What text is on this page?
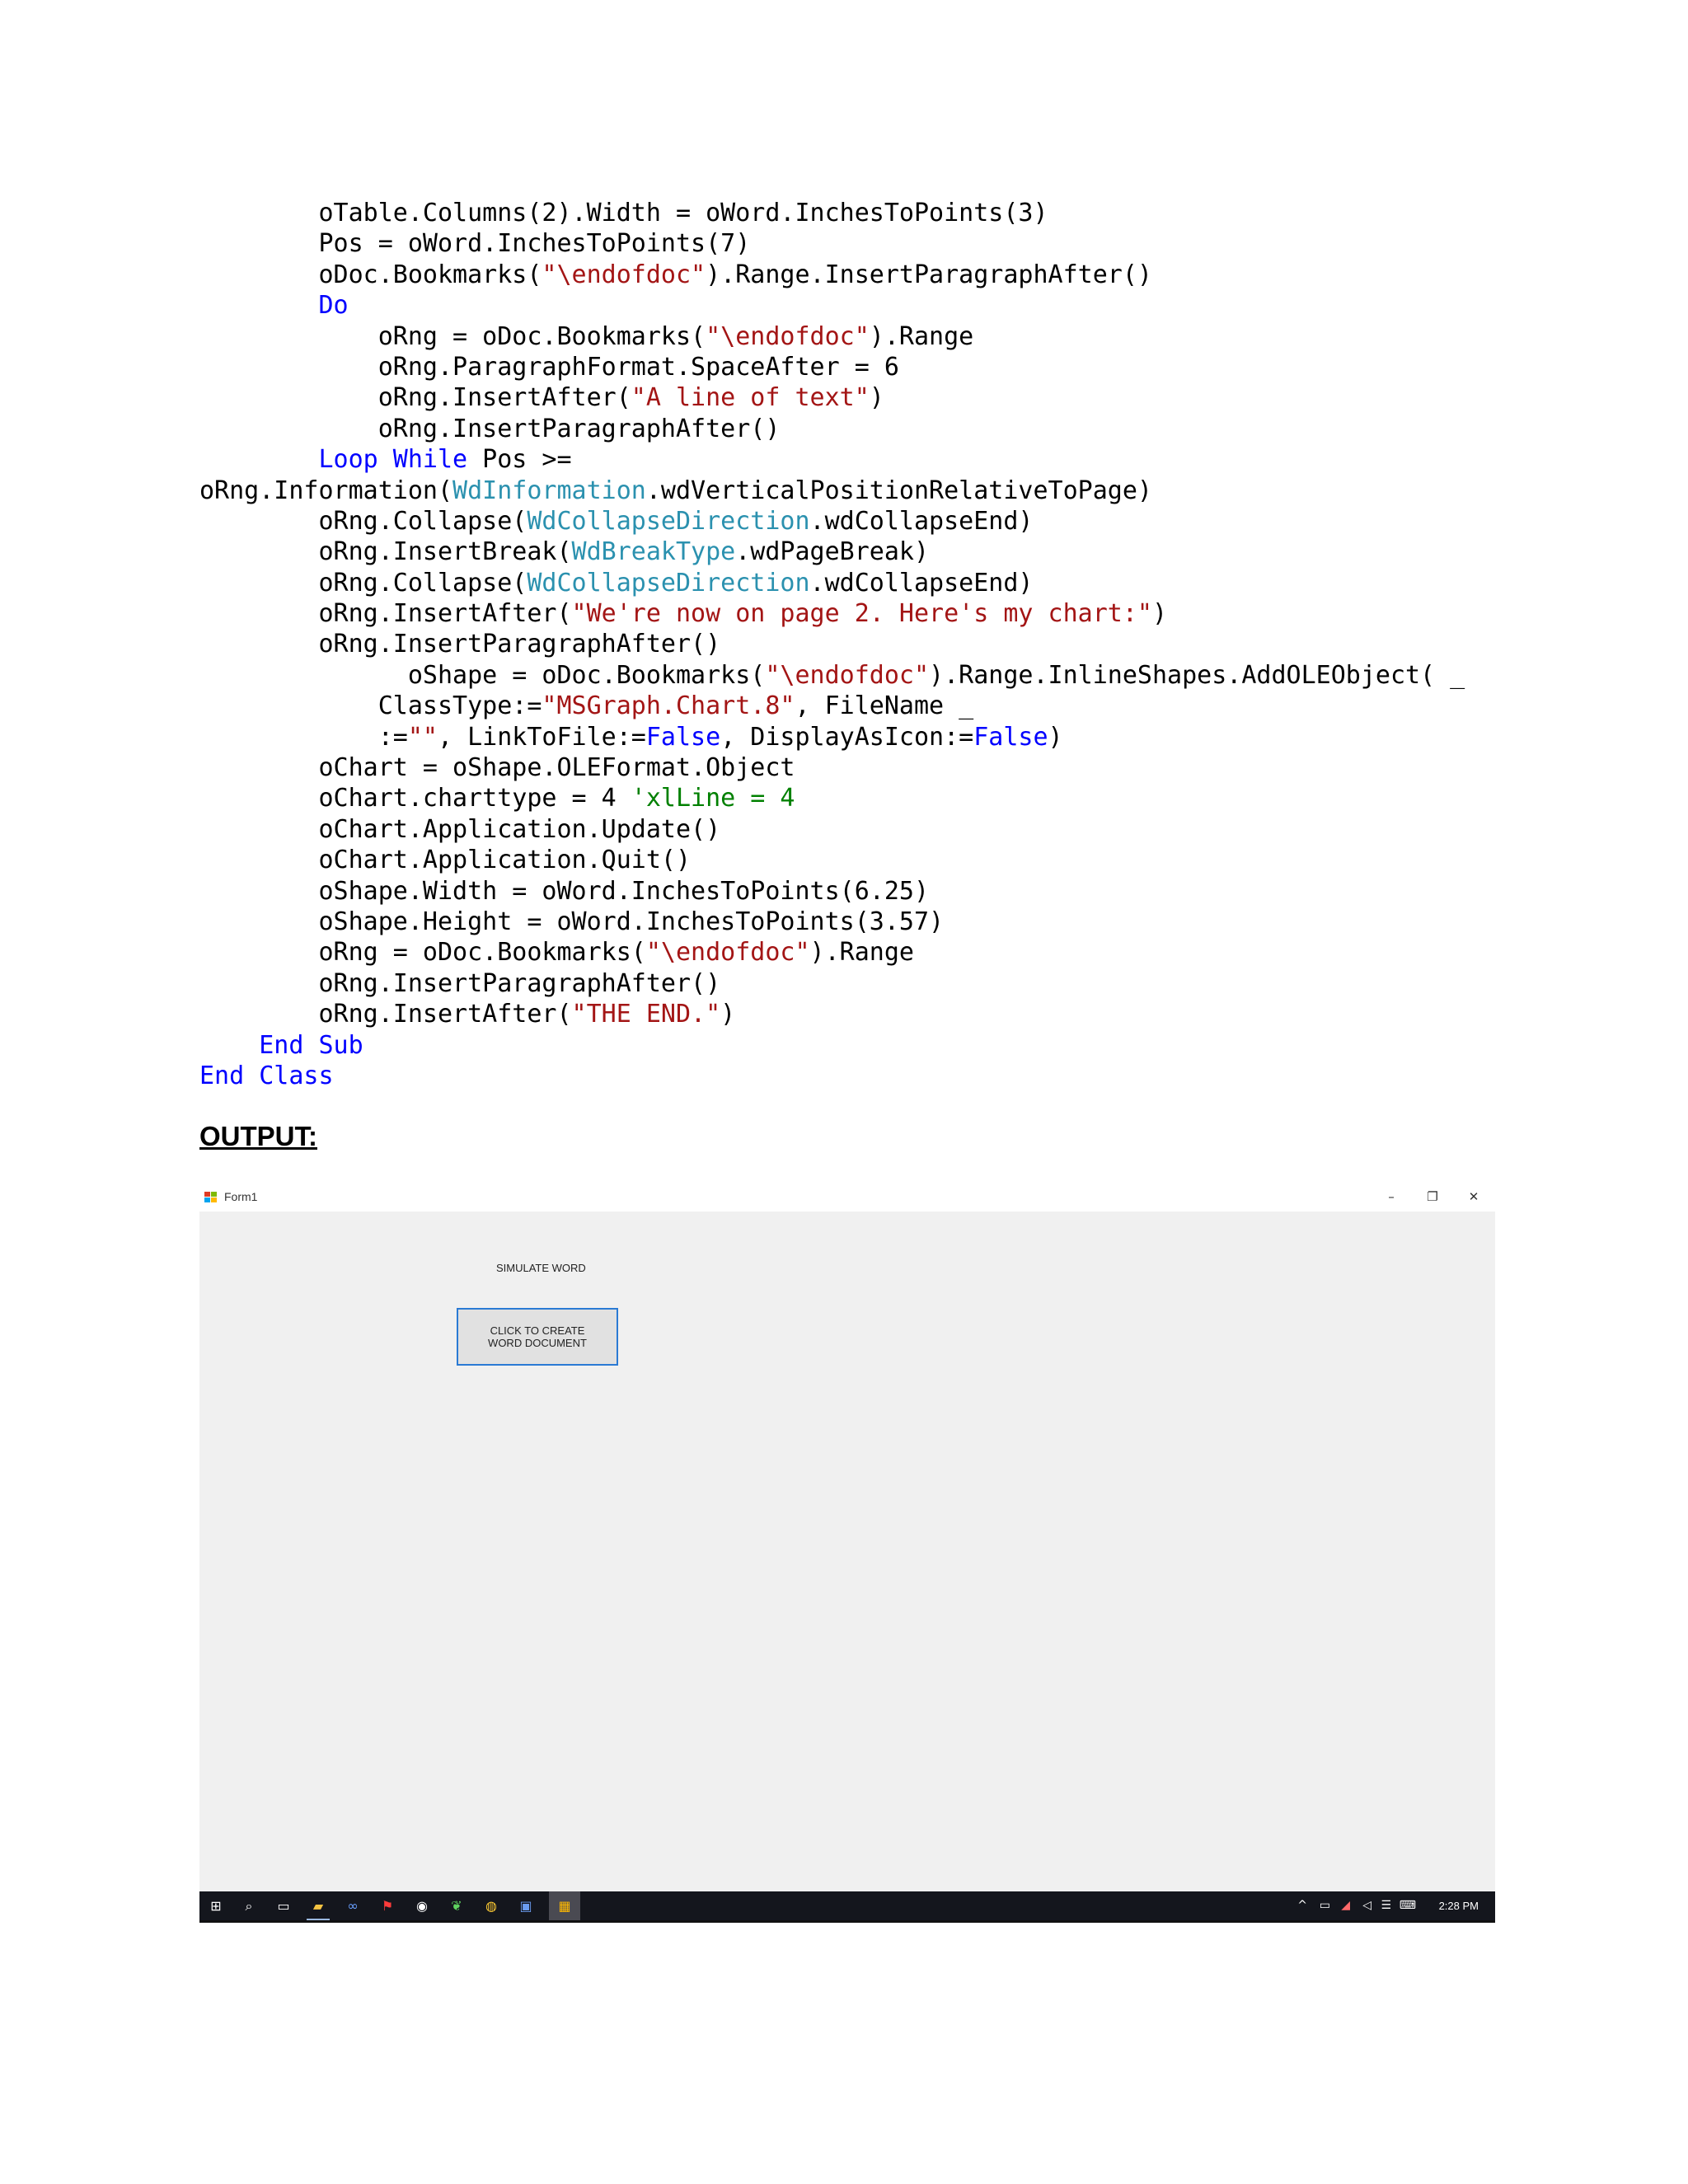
oTable.Columns(2).Width = oWord.InchesToPoints(3)
Pos = oWord.InchesToPoints(7)
oDoc.Bookmarks("\endofdoc").Range.InsertParagraphAfter()
Do
oRng = oDoc.Bookmarks("\endofdoc").Range
oRng.ParagraphFormat.SpaceAfter = 6
oRng.InsertAfter("A line of text")
oRng.InsertParagraphAfter()
Loop While Pos >=
oRng.Information(WdInformation.wdVerticalPositionRelativeToPage)
oRng.Collapse(WdCollapseDirection.wdCollapseEnd)
oRng.InsertBreak(WdBreakType.wdPageBreak)
oRng.Collapse(WdCollapseDirection.wdCollapseEnd)
oRng.InsertAfter("We're now on page 2. Here's my chart:")
oRng.InsertParagraphAfter()
oShape = oDoc.Bookmarks("\endofdoc").Range.InlineShapes.AddOLEObject( _
ClassType:="MSGraph.Chart.8", FileName _
:="", LinkToFile:=False, DisplayAsIcon:=False)
oChart = oShape.OLEFormat.Object
oChart.charttype = 4 'xlLine = 4
oChart.Application.Update()
oChart.Application.Quit()
oShape.Width = oWord.InchesToPoints(6.25)
oShape.Height = oWord.InchesToPoints(3.57)
oRng = oDoc.Bookmarks("\endofdoc").Range
oRng.InsertParagraphAfter()
oRng.InsertAfter("THE END.")
End Sub
End Class
OUTPUT:
Form1	–	❐	✕
SIMULATE WORD
CLICK TO CREATE WORD DOCUMENT
⊞	⌕	▭ ▰ ∞ ⚑ ◉ ❦ ◍ ▣ ▦	^ ▭ ◢ ◁ ☰ ⌨ 2:28 PM
